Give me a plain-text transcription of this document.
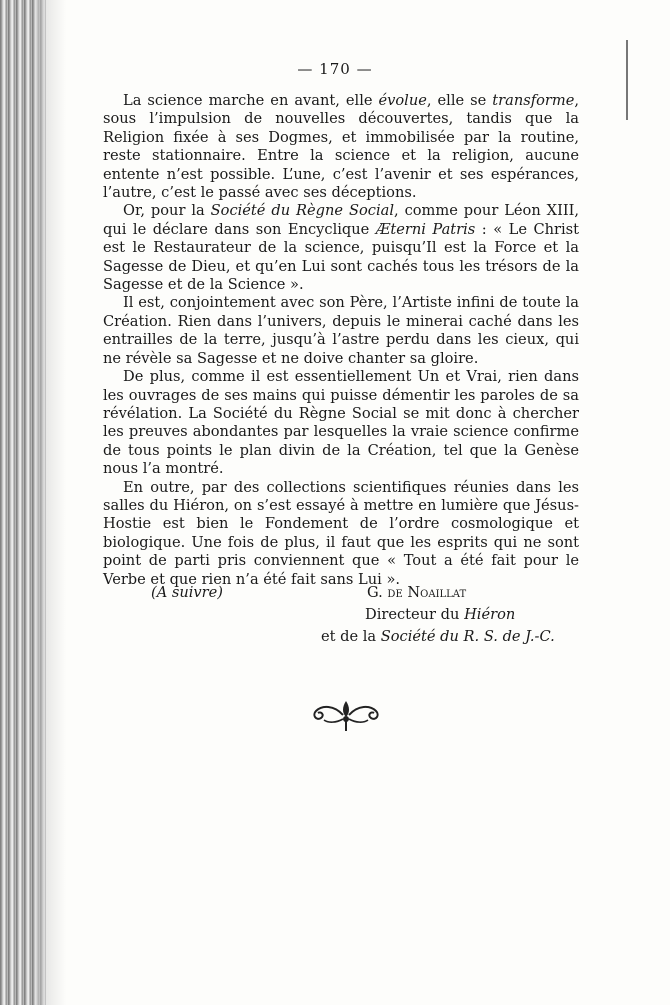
— 170 —

La science marche en avant, elle évolue, elle se transforme, sous l’impulsion de nouvelles découvertes, tandis que la Religion fixée à ses Dogmes, et immobilisée par la routine, reste stationnaire. Entre la science et la religion, aucune entente n’est possible. L’une, c’est l’avenir et ses espérances, l’autre, c’est le passé avec ses déceptions.

Or, pour la Société du Règne Social, comme pour Léon XIII, qui le déclare dans son Encyclique Æterni Patris : « Le Christ est le Restaurateur de la science, puisqu’Il est la Force et la Sagesse de Dieu, et qu’en Lui sont cachés tous les trésors de la Sagesse et de la Science ».

Il est, conjointement avec son Père, l’Artiste infini de toute la Création. Rien dans l’univers, depuis le minerai caché dans les entrailles de la terre, jusqu’à l’astre perdu dans les cieux, qui ne révèle sa Sagesse et ne doive chanter sa gloire.

De plus, comme il est essentiellement Un et Vrai, rien dans les ouvrages de ses mains qui puisse démentir les paroles de sa révélation. La Société du Règne Social se mit donc à chercher les preuves abondantes par lesquelles la vraie science confirme de tous points le plan divin de la Création, tel que la Genèse nous l’a montré.

En outre, par des collections scientifiques réunies dans les salles du Hiéron, on s’est essayé à mettre en lumière que Jésus-Hostie est bien le Fondement de l’ordre cosmologique et biologique. Une fois de plus, il faut que les esprits qui ne sont point de parti pris conviennent que « Tout a été fait pour le Verbe et que rien n’a été fait sans Lui ».

(A suivre)	G. de Noaillat
Directeur du Hiéron
et de la Société du R. S. de J.-C.
